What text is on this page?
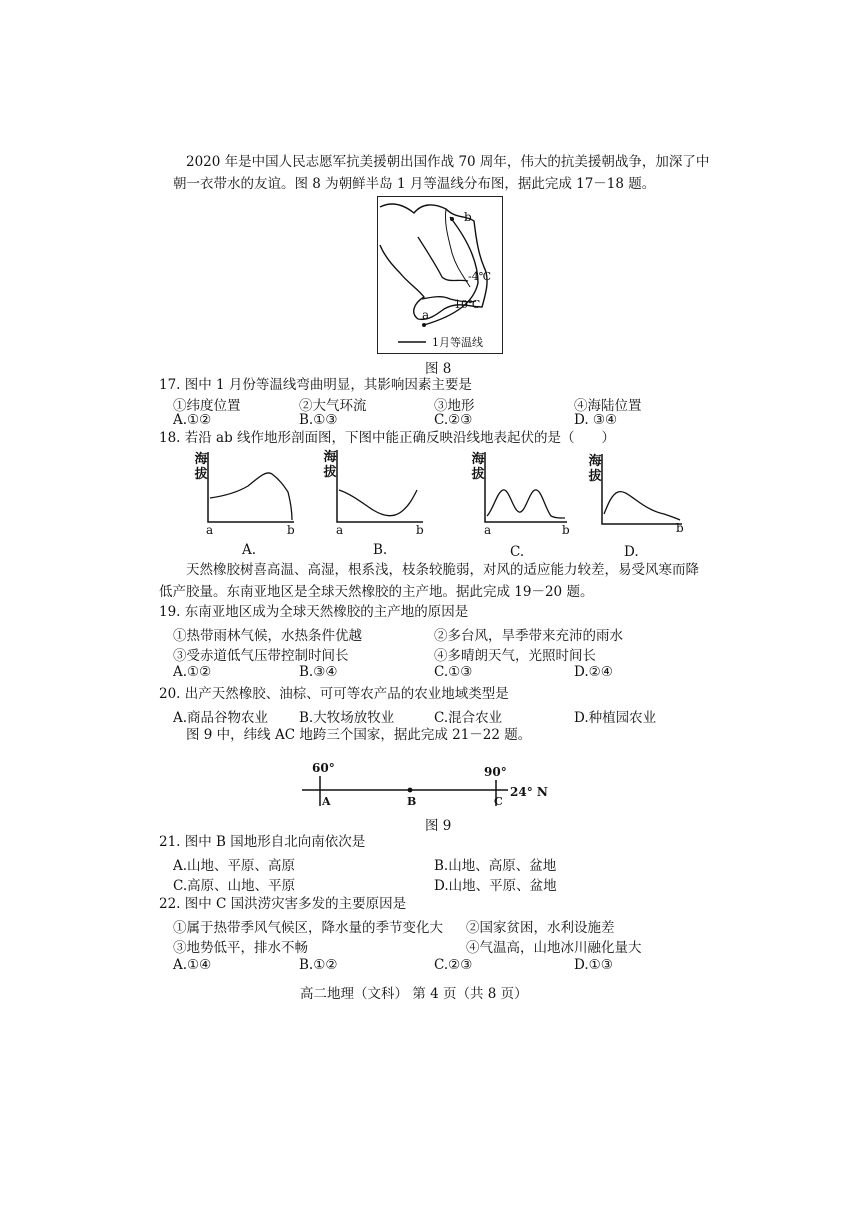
2020 年是中国人民志愿军抗美援朝出国作战 70 周年，伟大的抗美援朝战争，加深了中
朝一衣带水的友谊。图 8 为朝鲜半岛 1 月等温线分布图，据此完成 17－18 题。
b
-4℃
10℃
a
1月等温线
图 8
17. 图中 1 月份等温线弯曲明显，其影响因素主要是
①纬度位置	②大气环流	③地形	④海陆位置
A.①②	B.①③	C.②③	D. ③④
18. 若沿 ab 线作地形剖面图，下图中能正确反映沿线地表起伏的是（　　）
海拔
a	b
A.
海拔
a	b
B.
海拔
a	b
C.
海拔
b
D.
天然橡胶树喜高温、高湿，根系浅，枝条较脆弱，对风的适应能力较差，易受风寒而降
低产胶量。东南亚地区是全球天然橡胶的主产地。据此完成 19－20 题。
19. 东南亚地区成为全球天然橡胶的主产地的原因是
①热带雨林气候，水热条件优越	②多台风，旱季带来充沛的雨水
③受赤道低气压带控制时间长	④多晴朗天气，光照时间长
A.①②	B.③④	C.①③	D.②④
20. 出产天然橡胶、油棕、可可等农产品的农业地域类型是
A.商品谷物农业 B.大牧场放牧业	C.混合农业	D.种植园农业
图 9 中，纬线 AC 地跨三个国家，据此完成 21－22 题。
60°	90°
A	B	C
24° N
图 9
21. 图中 B 国地形自北向南依次是
A.山地、平原、高原	B.山地、高原、盆地
C.高原、山地、平原	D.山地、平原、盆地
22. 图中 C 国洪涝灾害多发的主要原因是
①属于热带季风气候区，降水量的季节变化大 ②国家贫困，水利设施差
③地势低平，排水不畅	④气温高，山地冰川融化量大
A.①④	B.①②	C.②③	D.①③
高二地理（文科） 第 4 页（共 8 页）
